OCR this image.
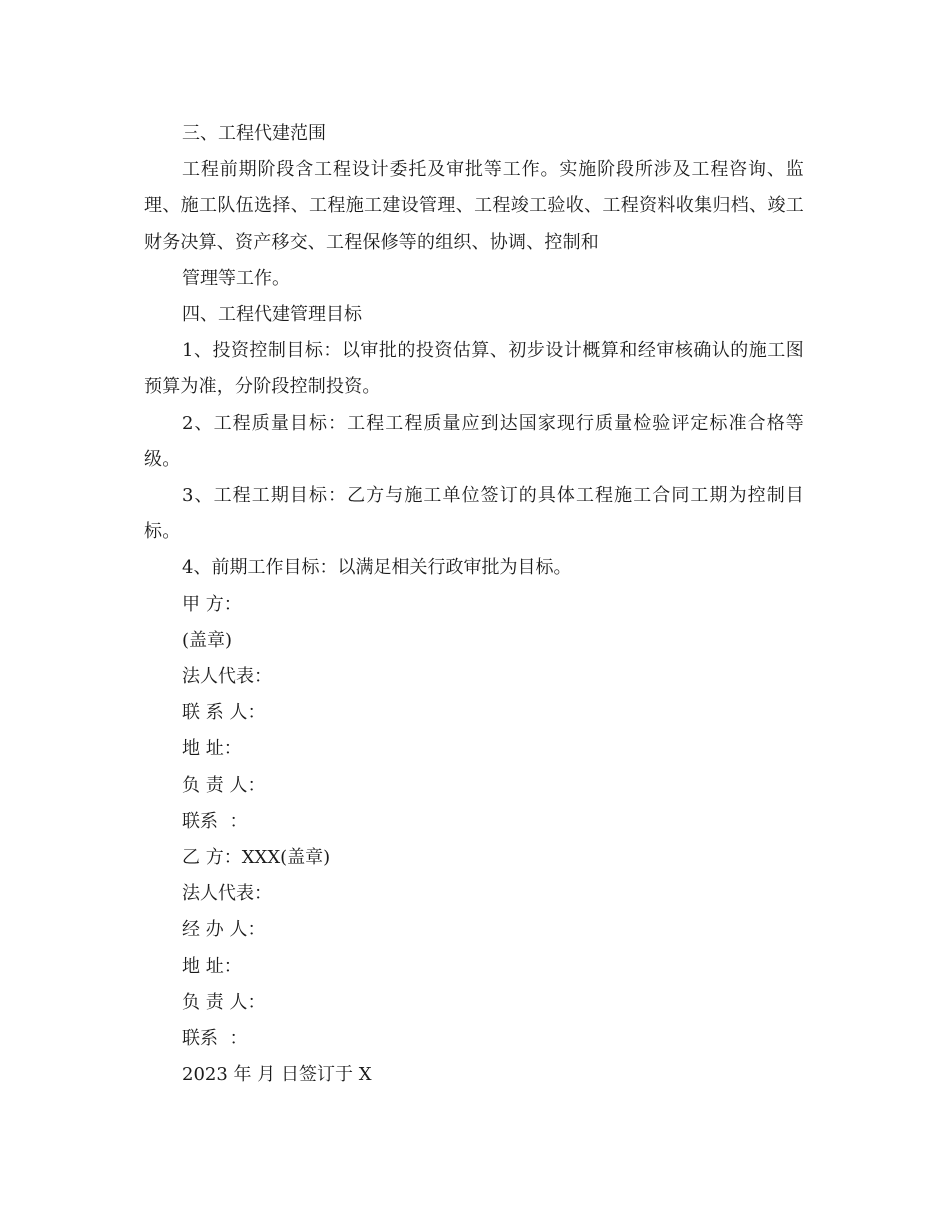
三、工程代建范围

工程前期阶段含工程设计委托及审批等工作。实施阶段所涉及工程咨询、监理、施工队伍选择、工程施工建设管理、工程竣工验收、工程资料收集归档、竣工财务决算、资产移交、工程保修等的组织、协调、控制和

管理等工作。

四、工程代建管理目标

1、投资控制目标：以审批的投资估算、初步设计概算和经审核确认的施工图预算为准，分阶段控制投资。

2、工程质量目标：工程工程质量应到达国家现行质量检验评定标准合格等级。

3、工程工期目标：乙方与施工单位签订的具体工程施工合同工期为控制目标。

4、前期工作目标：以满足相关行政审批为目标。

甲 方：

(盖章)

法人代表：

联 系 人：

地 址：

负 责 人：

联系  ：

乙 方：XXX(盖章)

法人代表：

经 办 人：

地 址：

负 责 人：

联系  ：

2023 年 月 日签订于 X
